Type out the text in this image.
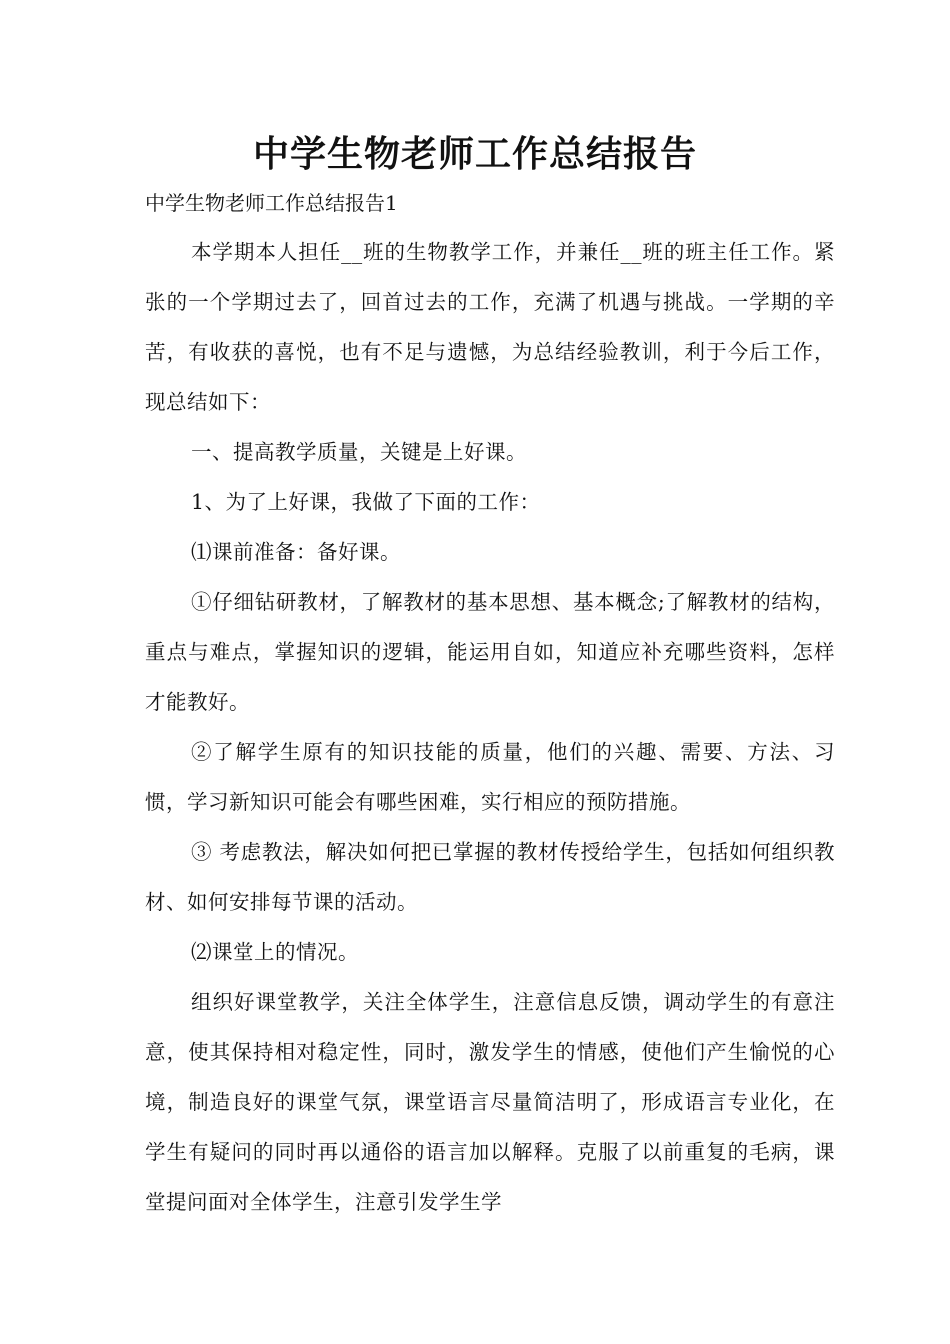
中学生物老师工作总结报告

中学生物老师工作总结报告1

本学期本人担任__班的生物教学工作，并兼任__班的班主任工作。紧张的一个学期过去了，回首过去的工作，充满了机遇与挑战。一学期的辛苦，有收获的喜悦，也有不足与遗憾，为总结经验教训，利于今后工作，现总结如下：

一、提高教学质量，关键是上好课。

1、为了上好课，我做了下面的工作：

⑴课前准备：备好课。

①仔细钻研教材，了解教材的基本思想、基本概念;了解教材的结构，重点与难点，掌握知识的逻辑，能运用自如，知道应补充哪些资料，怎样才能教好。

②了解学生原有的知识技能的质量，他们的兴趣、需要、方法、习惯，学习新知识可能会有哪些困难，实行相应的预防措施。

③ 考虑教法，解决如何把已掌握的教材传授给学生，包括如何组织教材、如何安排每节课的活动。

⑵课堂上的情况。

组织好课堂教学，关注全体学生，注意信息反馈，调动学生的有意注意，使其保持相对稳定性，同时，激发学生的情感，使他们产生愉悦的心境，制造良好的课堂气氛，课堂语言尽量简洁明了，形成语言专业化，在学生有疑问的同时再以通俗的语言加以解释。克服了以前重复的毛病，课堂提问面对全体学生，注意引发学生学
